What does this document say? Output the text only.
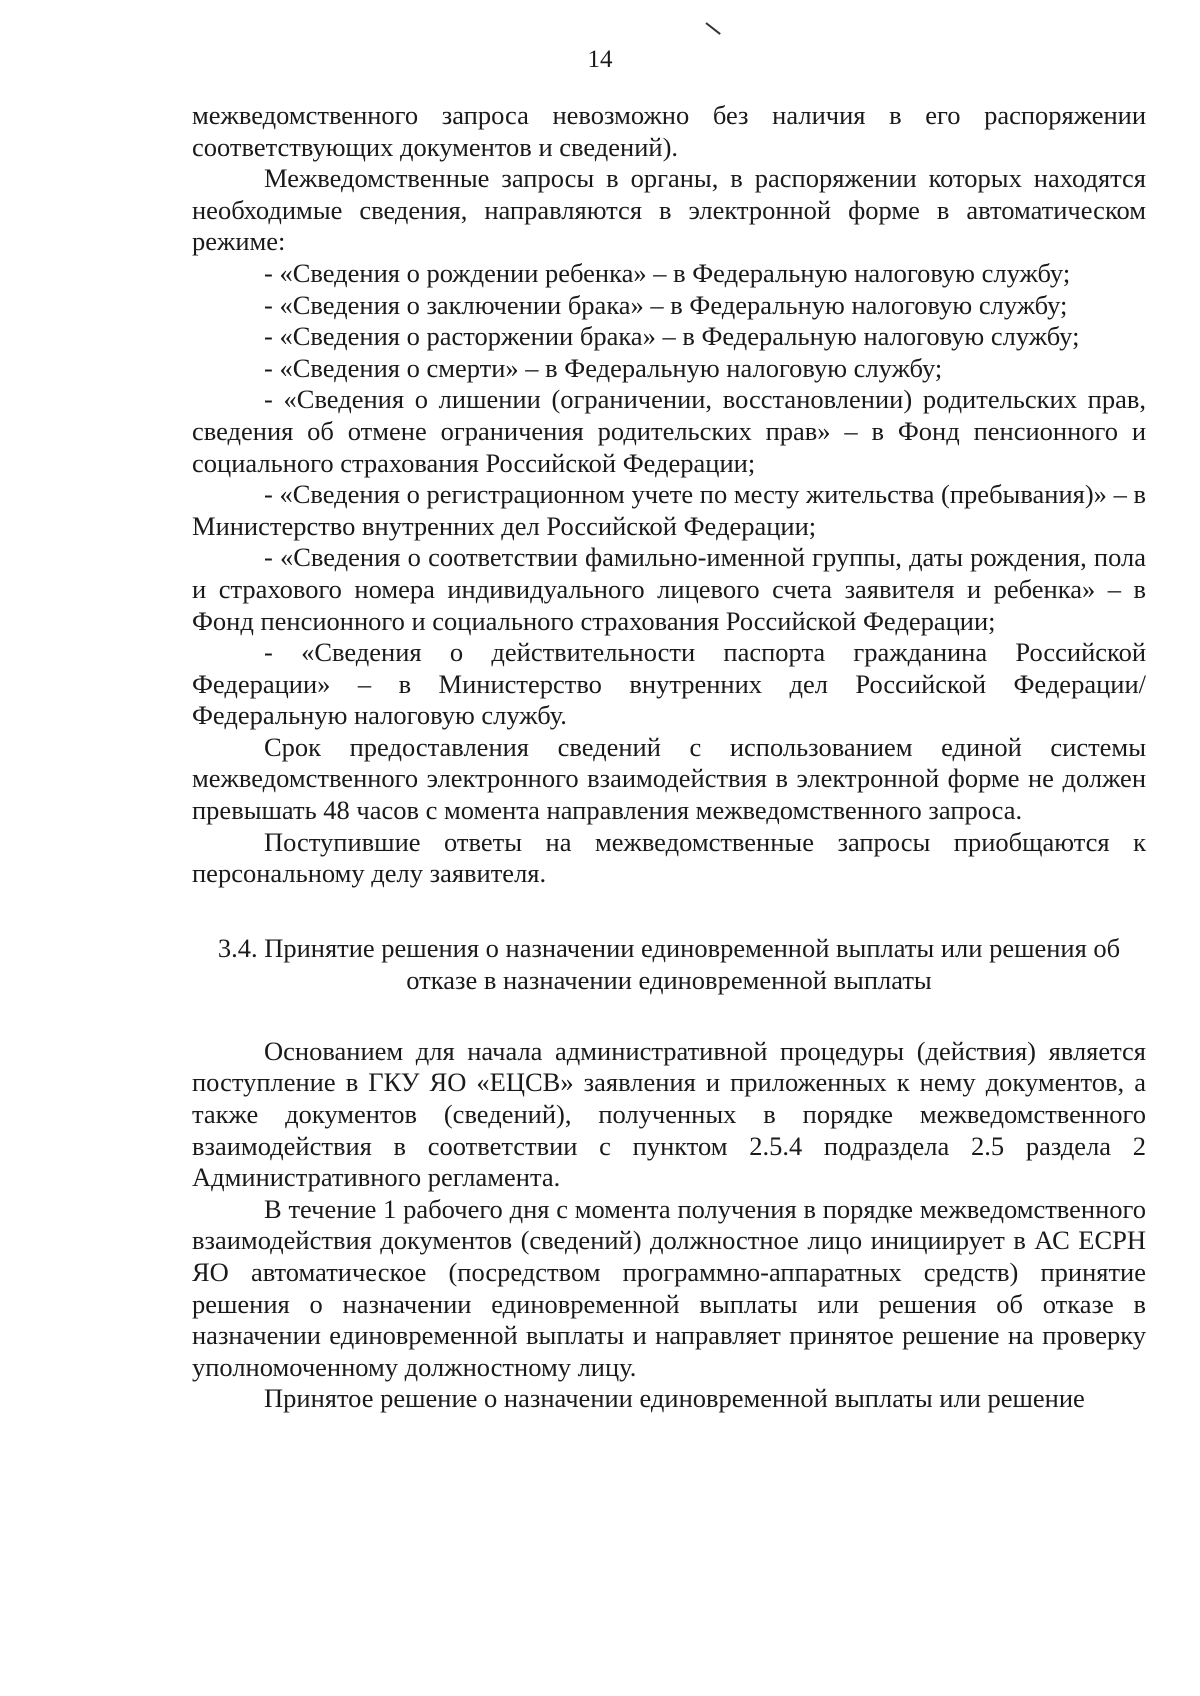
14

межведомственного запроса невозможно без наличия в его распоряжении соответствующих документов и сведений).

Межведомственные запросы в органы, в распоряжении которых находятся необходимые сведения, направляются в электронной форме в автоматическом режиме:

- «Сведения о рождении ребенка» – в Федеральную налоговую службу;

- «Сведения о заключении брака» – в Федеральную налоговую службу;

- «Сведения о расторжении брака» – в Федеральную налоговую службу;

- «Сведения о смерти» – в Федеральную налоговую службу;

- «Сведения о лишении (ограничении, восстановлении) родительских прав, сведения об отмене ограничения родительских прав» – в Фонд пенсионного и социального страхования Российской Федерации;

- «Сведения о регистрационном учете по месту жительства (пребывания)» – в Министерство внутренних дел Российской Федерации;

- «Сведения о соответствии фамильно-именной группы, даты рождения, пола и страхового номера индивидуального лицевого счета заявителя и ребенка» – в Фонд пенсионного и социального страхования Российской Федерации;

- «Сведения о действительности паспорта гражданина Российской Федерации» – в Министерство внутренних дел Российской Федерации/ Федеральную налоговую службу.

Срок предоставления сведений с использованием единой системы межведомственного электронного взаимодействия в электронной форме не должен превышать 48 часов с момента направления межведомственного запроса.

Поступившие ответы на межведомственные запросы приобщаются к персональному делу заявителя.

3.4. Принятие решения о назначении единовременной выплаты или решения об отказе в назначении единовременной выплаты

Основанием для начала административной процедуры (действия) является поступление в ГКУ ЯО «ЕЦСВ» заявления и приложенных к нему документов, а также документов (сведений), полученных в порядке межведомственного взаимодействия в соответствии с пунктом 2.5.4 подраздела 2.5 раздела 2 Административного регламента.

В течение 1 рабочего дня с момента получения в порядке межведомственного взаимодействия документов (сведений) должностное лицо инициирует в АС ЕСРН ЯО автоматическое (посредством программно-аппаратных средств) принятие решения о назначении единовременной выплаты или решения об отказе в назначении единовременной выплаты и направляет принятое решение на проверку уполномоченному должностному лицу.

Принятое решение о назначении единовременной выплаты или решение
